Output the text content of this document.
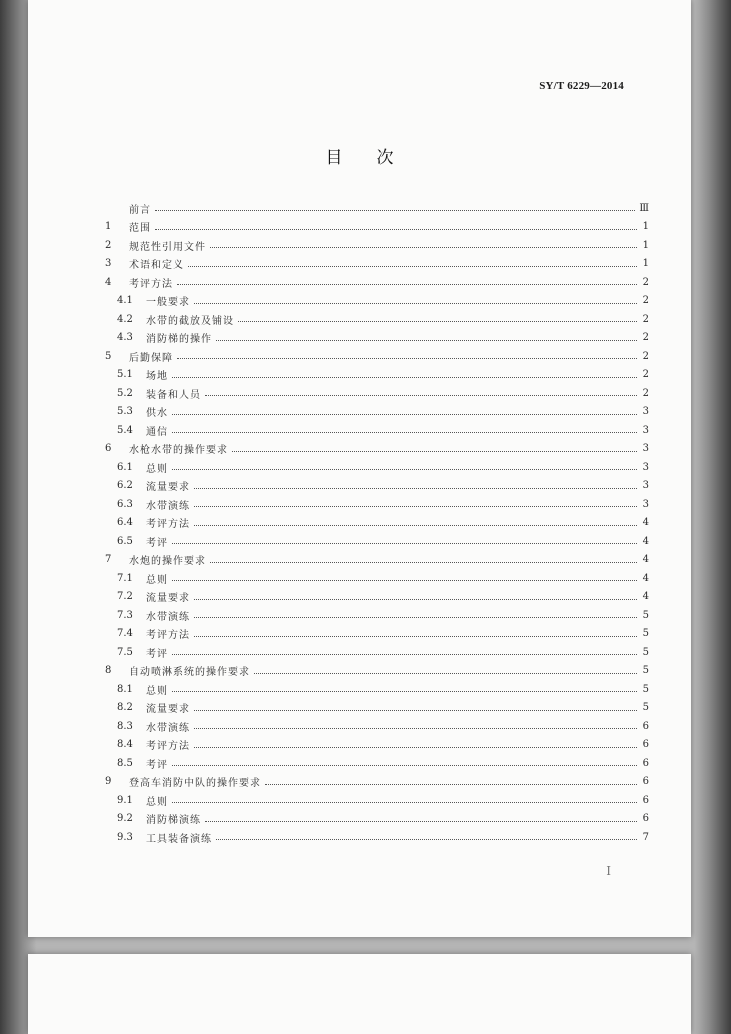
SY/T 6229—2014
目次
前言	Ⅲ
1	范围	1
2	规范性引用文件	1
3	术语和定义	1
4	考评方法	2
4.1	一般要求	2
4.2	水带的截放及铺设	2
4.3	消防梯的操作	2
5	后勤保障	2
5.1	场地	2
5.2	装备和人员	2
5.3	供水	3
5.4	通信	3
6	水枪水带的操作要求	3
6.1	总则	3
6.2	流量要求	3
6.3	水带演练	3
6.4	考评方法	4
6.5	考评	4
7	水炮的操作要求	4
7.1	总则	4
7.2	流量要求	4
7.3	水带演练	5
7.4	考评方法	5
7.5	考评	5
8	自动喷淋系统的操作要求	5
8.1	总则	5
8.2	流量要求	5
8.3	水带演练	6
8.4	考评方法	6
8.5	考评	6
9	登高车消防中队的操作要求	6
9.1	总则	6
9.2	消防梯演练	6
9.3	工具装备演练	7
Ⅰ
